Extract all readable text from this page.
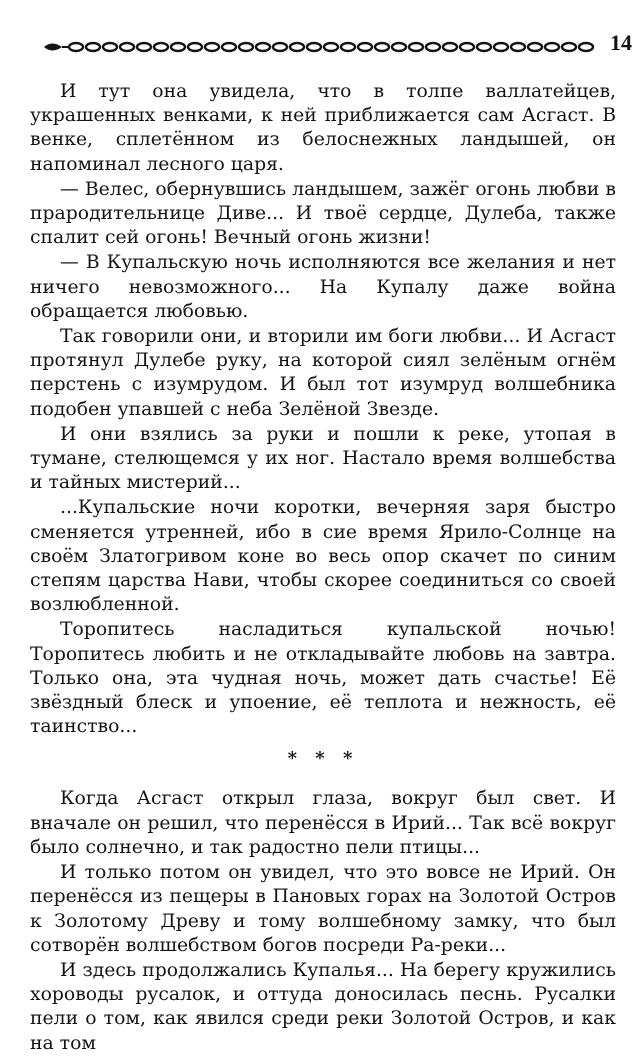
14

И тут она увидела, что в толпе валлатейцев, украшенных венками, к ней приближается сам Асгаст. В венке, сплетённом из белоснежных ландышей, он напоминал лесного царя.

— Велес, обернувшись ландышем, зажёг огонь любви в прародительнице Диве... И твоё сердце, Дулеба, также спалит сей огонь! Вечный огонь жизни!

— В Купальскую ночь исполняются все желания и нет ничего невозможного... На Купалу даже война обращается любовью.

Так говорили они, и вторили им боги любви... И Асгаст протянул Дулебе руку, на которой сиял зелёным огнём перстень с изумрудом. И был тот изумруд волшебника подобен упавшей с неба Зелёной Звезде.

И они взялись за руки и пошли к реке, утопая в тумане, стелющемся у их ног. Настало время волшебства и тайных мистерий...

...Купальские ночи коротки, вечерняя заря быстро сменяется утренней, ибо в сие время Ярило-Солнце на своём Златогривом коне во весь опор скачет по синим степям царства Нави, чтобы скорее соединиться со своей возлюбленной.

Торопитесь насладиться купальской ночью! Торопитесь любить и не откладывайте любовь на завтра. Только она, эта чудная ночь, может дать счастье! Её звёздный блеск и упоение, её теплота и нежность, её таинство...

* * *

Когда Асгаст открыл глаза, вокруг был свет. И вначале он решил, что перенёсся в Ирий... Так всё вокруг было солнечно, и так радостно пели птицы...

И только потом он увидел, что это вовсе не Ирий. Он перенёсся из пещеры в Пановых горах на Золотой Остров к Золотому Древу и тому волшебному замку, что был сотворён волшебством богов посреди Ра-реки...

И здесь продолжались Купалья... На берегу кружились хороводы русалок, и оттуда доносилась песнь. Русалки пели о том, как явился среди реки Золотой Остров, и как на том
